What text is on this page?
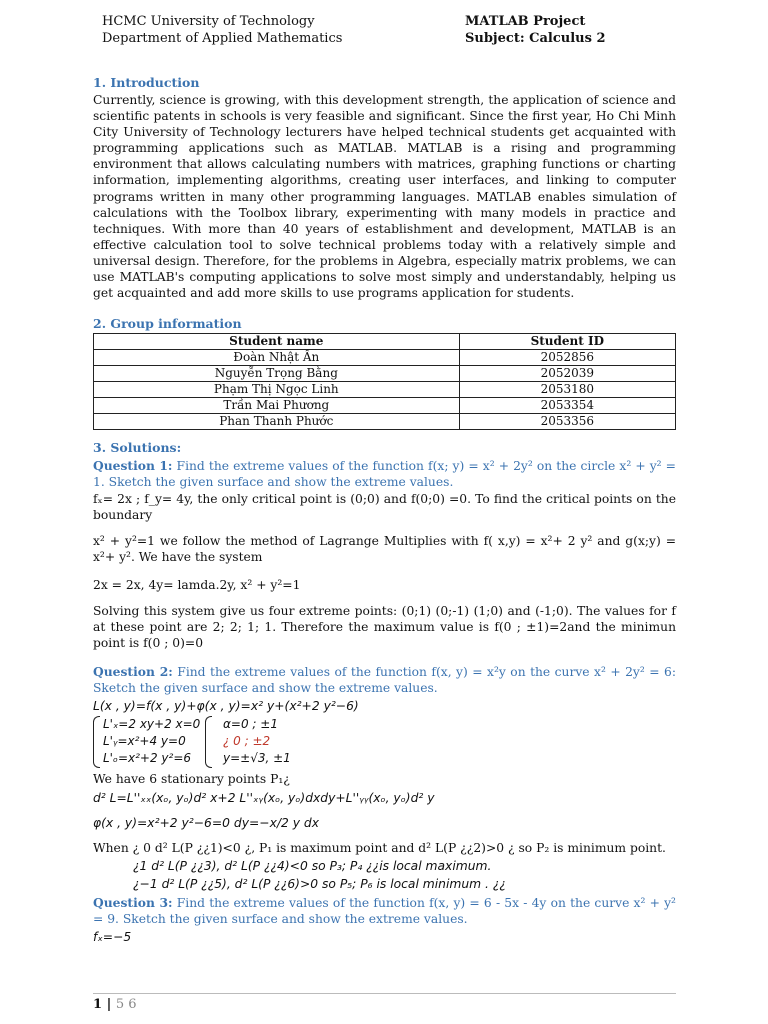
HCMC University of Technology
Department of Applied Mathematics
MATLAB Project
Subject: Calculus 2
1. Introduction
Currently, science is growing, with this development strength, the application of science and scientific patents in schools is very feasible and significant. Since the first year, Ho Chi Minh City University of Technology lecturers have helped technical students get acquainted with programming applications such as MATLAB. MATLAB is a rising and programming environment that allows calculating numbers with matrices, graphing functions or charting information, implementing algorithms, creating user interfaces, and linking to computer programs written in many other programming languages. MATLAB enables simulation of calculations with the Toolbox library, experimenting with many models in practice and techniques. With more than 40 years of establishment and development, MATLAB is an effective calculation tool to solve technical problems today with a relatively simple and universal design. Therefore, for the problems in Algebra, especially matrix problems, we can use MATLAB's computing applications to solve most simply and understandably, helping us get acquainted and add more skills to use programs application for students.
2. Group information
Student name	Student ID
Đoàn Nhật Ân	2052856
Nguyễn Trọng Bằng	2052039
Phạm Thị Ngọc Linh	2053180
Trần Mai Phương	2053354
Phan Thanh Phước	2053356
3. Solutions:
Question 1: Find the extreme values of the function f(x; y) = x² + 2y² on the circle x² + y² = 1. Sketch the given surface and show the extreme values.
fₓ= 2x ; f_y= 4y, the only critical point is (0;0) and f(0;0) =0. To find the critical points on the boundary
x² + y²=1 we follow the method of Lagrange Multiplies with f( x,y) = x²+ 2 y² and g(x;y) = x²+ y². We have the system
2x = 2x, 4y= lamda.2y, x² + y²=1
Solving this system give us four extreme points: (0;1) (0;-1) (1;0) and (-1;0). The values for f at these point are 2; 2; 1; 1. Therefore the maximum value is f(0 ; ±1)=2and the minimun point is f(0 ; 0)=0
Question 2: Find the extreme values of the function f(x, y) = x²y on the curve x² + 2y² = 6: Sketch the given surface and show the extreme values.
L(x , y)=f(x , y)+φ(x , y)=x² y+(x²+2 y²−6)
L'ₓ=2 xy+2 x=0
L'ᵧ=x²+4 y=0
L'ₒ=x²+2 y²=6
α=0 ; ±1
¿ 0 ; ±2
y=±√3, ±1
We have 6 stationary points P₁¿
d² L=L''ₓₓ(xₒ, yₒ)d² x+2 L''ₓᵧ(xₒ, yₒ)dxdy+L''ᵧᵧ(xₒ, yₒ)d² y
φ(x , y)=x²+2 y²−6=0 dy=−x/2 y dx
When ¿ 0 d² L(P ¿¿1)<0 ¿, P₁ is maximum point and d² L(P ¿¿2)>0 ¿ so P₂ is minimum point.
¿1 d² L(P ¿¿3), d² L(P ¿¿4)<0 so P₃; P₄ ¿¿is local maximum.
¿−1 d² L(P ¿¿5), d² L(P ¿¿6)>0 so P₅; P₆ is local minimum . ¿¿
Question 3: Find the extreme values of the function f(x, y) = 6 - 5x - 4y on the curve x² + y² = 9. Sketch the given surface and show the extreme values.
fₓ=−5
1 | 5 6
